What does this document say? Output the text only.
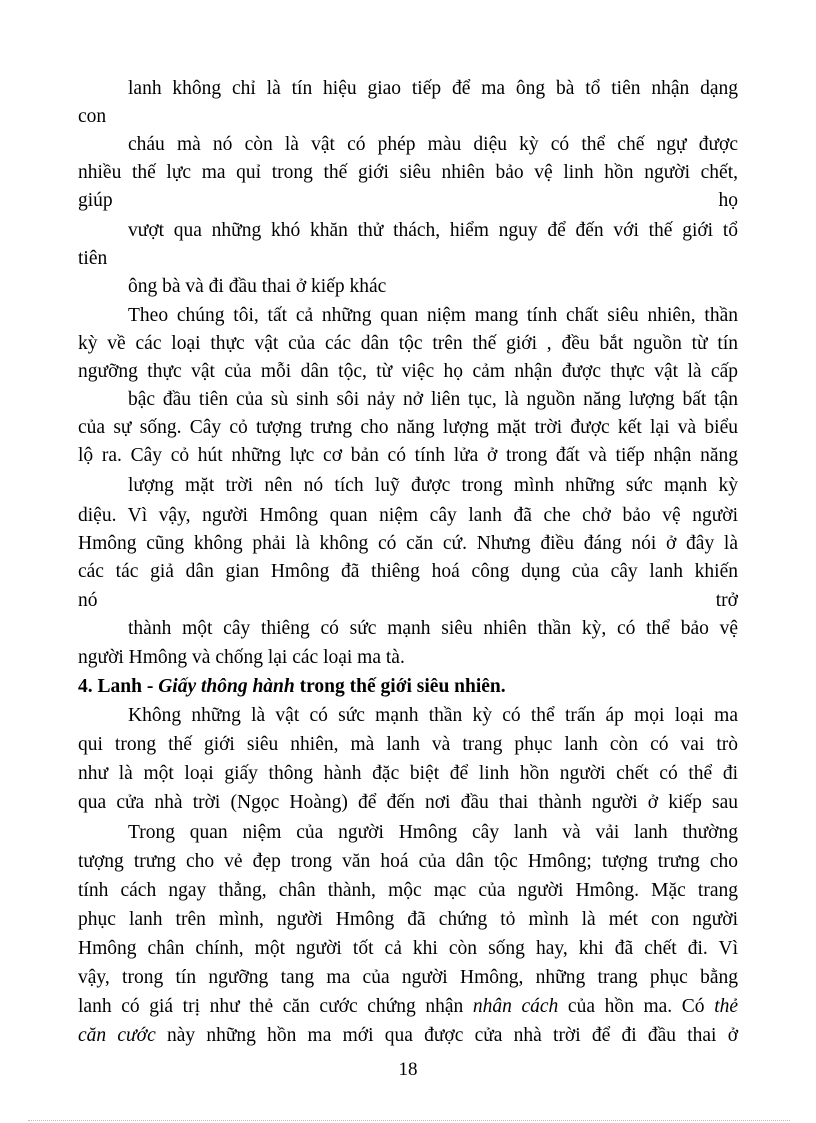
lanh không chỉ là tín hiệu giao tiếp để ma ông bà tổ tiên nhận dạng
con
cháu mà nó còn là vật có phép màu diệu kỳ có thể chế ngự được
nhiều thế lực ma quỉ trong thế giới siêu nhiên bảo vệ linh hồn người chết,
giúp	họ
vượt qua những khó khăn thử thách, hiểm nguy để đến với thế giới tổ
tiên
ông bà và đi đầu thai ở kiếp khác
Theo chúng tôi, tất cả những quan niệm mang tính chất siêu nhiên, thần
kỳ về các loại thực vật của các dân tộc trên thế giới , đều bắt nguồn từ tín
ngưỡng thực vật của mỗi dân tộc, từ việc họ cảm nhận được thực vật là cấp
bậc đầu tiên của sù sinh sôi nảy nở liên tục, là nguồn năng lượng bất tận
của sự sống. Cây cỏ tượng trưng cho năng lượng mặt trời được kết lại và biểu
lộ ra. Cây cỏ hút những lực cơ bản có tính lửa ở trong đất và tiếp nhận năng
lượng mặt trời nên nó tích luỹ được trong mình những sức mạnh kỳ
diệu. Vì vậy, người Hmông quan niệm cây lanh đã che chở bảo vệ người
Hmông cũng không phải là không có căn cứ. Nhưng điều đáng nói ở đây là
các tác giả dân gian Hmông đã thiêng hoá công dụng của cây lanh khiến
nó	trở
thành một cây thiêng có sức mạnh siêu nhiên thần kỳ, có thể bảo vệ
người Hmông và chống lại các loại ma tà.
4. Lanh - Giấy thông hành trong thế giới siêu nhiên.
Không những là vật có sức mạnh thần kỳ có thể trấn áp mọi loại ma
qui trong thế giới siêu nhiên, mà lanh và trang phục lanh còn có vai trò
như là một loại giấy thông hành đặc biệt để linh hồn người chết có thể đi
qua cửa nhà trời (Ngọc Hoàng) để đến nơi đầu thai thành người ở kiếp sau
Trong quan niệm của người Hmông cây lanh và vải lanh thường
tượng trưng cho vẻ đẹp trong văn hoá của dân tộc Hmông; tượng trưng cho
tính cách ngay thẳng, chân thành, mộc mạc của người Hmông. Mặc trang
phục lanh trên mình, người Hmông đã chứng tỏ mình là mét con người
Hmông chân chính, một người tốt cả khi còn sống hay, khi đã chết đi. Vì
vậy, trong tín ngưỡng tang ma của người Hmông, những trang phục bằng
lanh có giá trị như thẻ căn cước chứng nhận nhân cách của hồn ma. Có thẻ
căn cước này những hồn ma mới qua được cửa nhà trời để đi đầu thai ở
18
